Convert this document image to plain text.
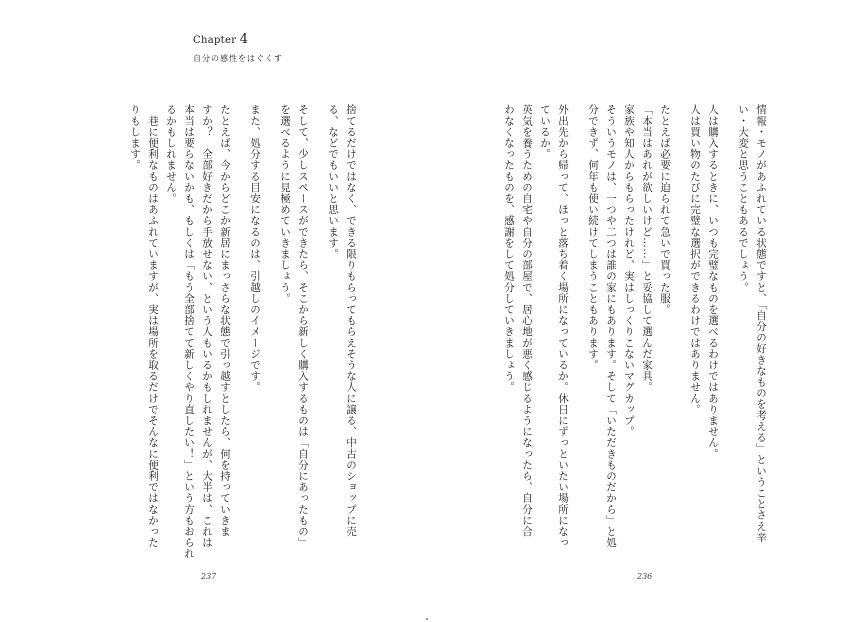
Chapter 4
自分の感性をはぐくす
237	236
情報・モノがあふれている状態ですと、「自分の好きなものを考える」ということさえ辛
い・大変と思うこともあるでしょう。
人は購入するときに、いつも完璧なものを選べるわけではありません。
人は買い物のたびに完璧な選択ができるわけではありません。
たとえば必要に迫られて急いで買った服。
「本当はあれが欲しいけど……」と妥協して選んだ家具。
家族や知人からもらったけれど、実はしっくりこないマグカップ。
そういうモノは、一つや二つは誰の家にもあります。そして「いただきものだから」と処
分できず、何年も使い続けてしまうこともあります。
外出先から帰って、ほっと落ち着く場所になっているか。休日にずっといたい場所になっ
ているか。
英気を養うための自宅や自分の部屋で、居心地が悪く感じるようになったら、自分に合
わなくなったものを、感謝をして処分していきましょう。
捨てるだけではなく、できる限りもらってもらえそうな人に譲る、中古のショップに売
る、などでもいいと思います。
そして、少しスペースができたら、そこから新しく購入するものは「自分にあったもの」
を選べるように見極めていきましょう。
また、処分する目安になるのは、引越しのイメージです。
たとえば、今からどこか新居にまっさらな状態で引っ越すとしたら、何を持っていきま
すか？　全部好きだから手放せない、という人もいるかもしれませんが、大半は、これは
本当は要らないかも、もしくは「もう全部捨てて新しくやり直したい！」という方もおられ
るかもしれません。
　巷に便利なものはあふれていますが、実は場所を取るだけでそんなに便利ではなかった
りもします。
